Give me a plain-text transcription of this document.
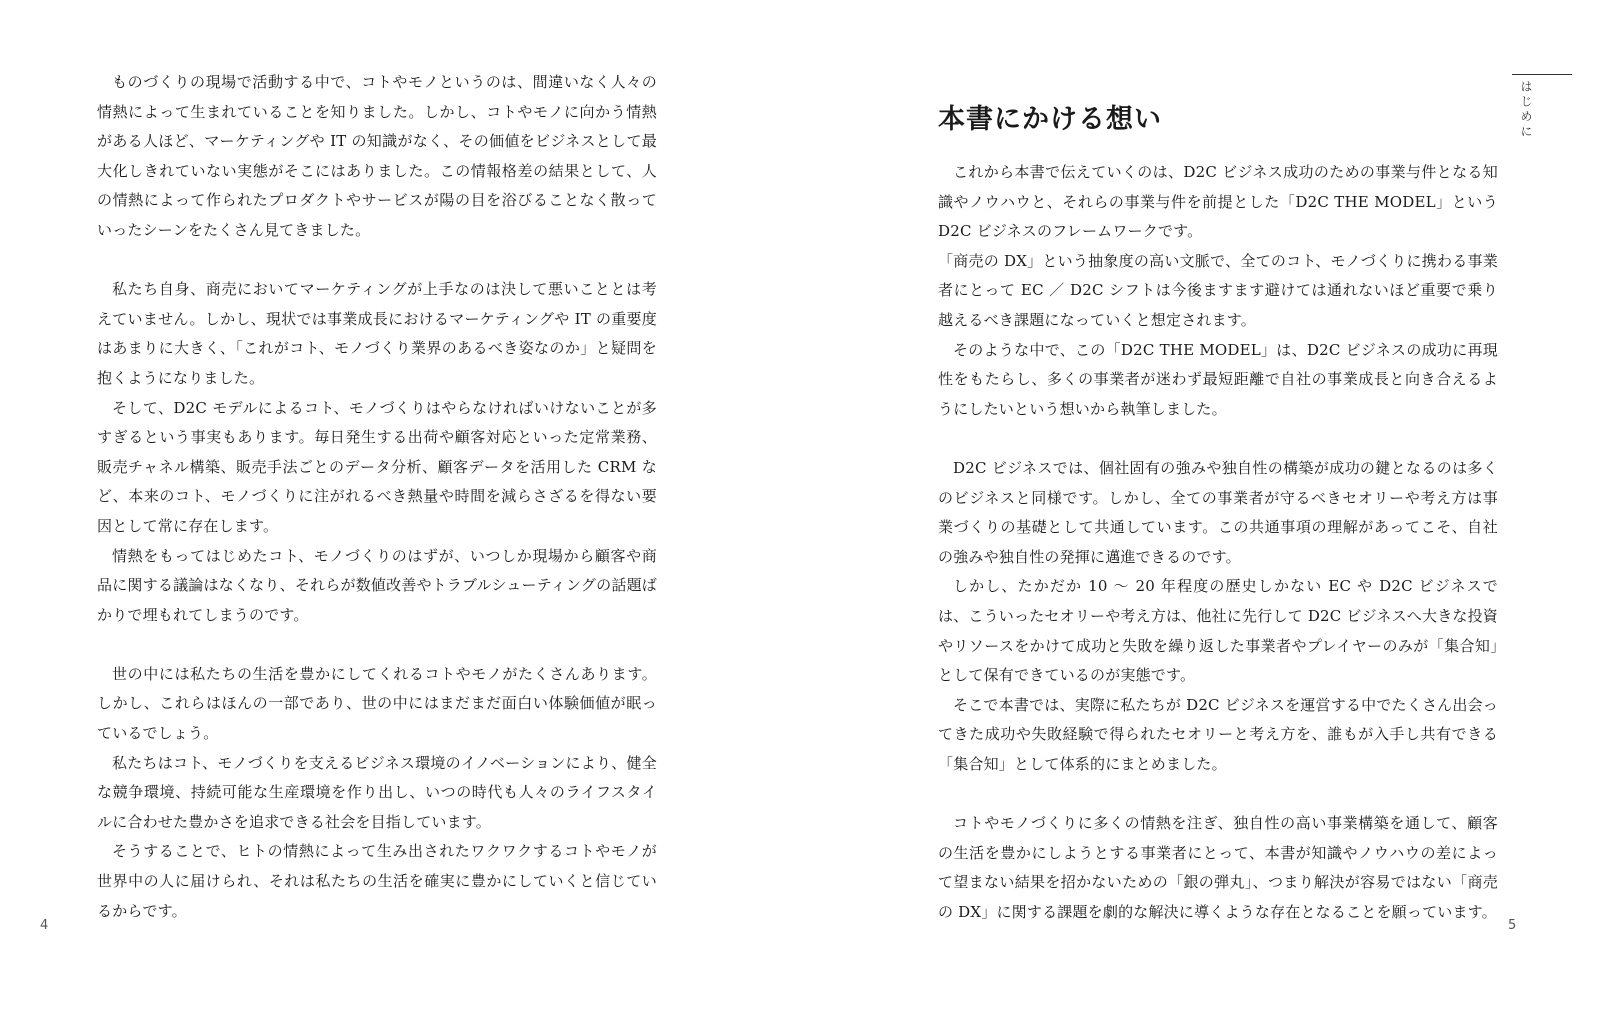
ものづくりの現場で活動する中で、コトやモノというのは、間違いなく人々の情熱によって生まれていることを知りました。しかし、コトやモノに向かう情熱がある人ほど、マーケティングや IT の知識がなく、その価値をビジネスとして最大化しきれていない実態がそこにはありました。この情報格差の結果として、人の情熱によって作られたプロダクトやサービスが陽の目を浴びることなく散っていったシーンをたくさん見てきました。

私たち自身、商売においてマーケティングが上手なのは決して悪いこととは考えていません。しかし、現状では事業成長におけるマーケティングや IT の重要度はあまりに大きく、「これがコト、モノづくり業界のあるべき姿なのか」と疑問を抱くようになりました。

そして、D2C モデルによるコト、モノづくりはやらなければいけないことが多すぎるという事実もあります。毎日発生する出荷や顧客対応といった定常業務、販売チャネル構築、販売手法ごとのデータ分析、顧客データを活用した CRM など、本来のコト、モノづくりに注がれるべき熱量や時間を減らさざるを得ない要因として常に存在します。

情熱をもってはじめたコト、モノづくりのはずが、いつしか現場から顧客や商品に関する議論はなくなり、それらが数値改善やトラブルシューティングの話題ばかりで埋もれてしまうのです。

世の中には私たちの生活を豊かにしてくれるコトやモノがたくさんあります。しかし、これらはほんの一部であり、世の中にはまだまだ面白い体験価値が眠っているでしょう。

私たちはコト、モノづくりを支えるビジネス環境のイノベーションにより、健全な競争環境、持続可能な生産環境を作り出し、いつの時代も人々のライフスタイルに合わせた豊かさを追求できる社会を目指しています。

そうすることで、ヒトの情熱によって生み出されたワクワクするコトやモノが世界中の人に届けられ、それは私たちの生活を確実に豊かにしていくと信じているからです。

4
はじめに
本書にかける想い

これから本書で伝えていくのは、D2C ビジネス成功のための事業与件となる知識やノウハウと、それらの事業与件を前提とした「D2C THE MODEL」という D2C ビジネスのフレームワークです。

「商売の DX」という抽象度の高い文脈で、全てのコト、モノづくりに携わる事業者にとって EC ／ D2C シフトは今後ますます避けては通れないほど重要で乗り越えるべき課題になっていくと想定されます。

そのような中で、この「D2C THE MODEL」は、D2C ビジネスの成功に再現性をもたらし、多くの事業者が迷わず最短距離で自社の事業成長と向き合えるようにしたいという想いから執筆しました。

D2C ビジネスでは、個社固有の強みや独自性の構築が成功の鍵となるのは多くのビジネスと同様です。しかし、全ての事業者が守るべきセオリーや考え方は事業づくりの基礎として共通しています。この共通事項の理解があってこそ、自社の強みや独自性の発揮に邁進できるのです。

しかし、たかだか 10 ～ 20 年程度の歴史しかない EC や D2C ビジネスでは、こういったセオリーや考え方は、他社に先行して D2C ビジネスへ大きな投資やリソースをかけて成功と失敗を繰り返した事業者やプレイヤーのみが「集合知」として保有できているのが実態です。

そこで本書では、実際に私たちが D2C ビジネスを運営する中でたくさん出会ってきた成功や失敗経験で得られたセオリーと考え方を、誰もが入手し共有できる「集合知」として体系的にまとめました。

コトやモノづくりに多くの情熱を注ぎ、独自性の高い事業構築を通して、顧客の生活を豊かにしようとする事業者にとって、本書が知識やノウハウの差によって望まない結果を招かないための「銀の弾丸」、つまり解決が容易ではない「商売の DX」に関する課題を劇的な解決に導くような存在となることを願っています。

5
